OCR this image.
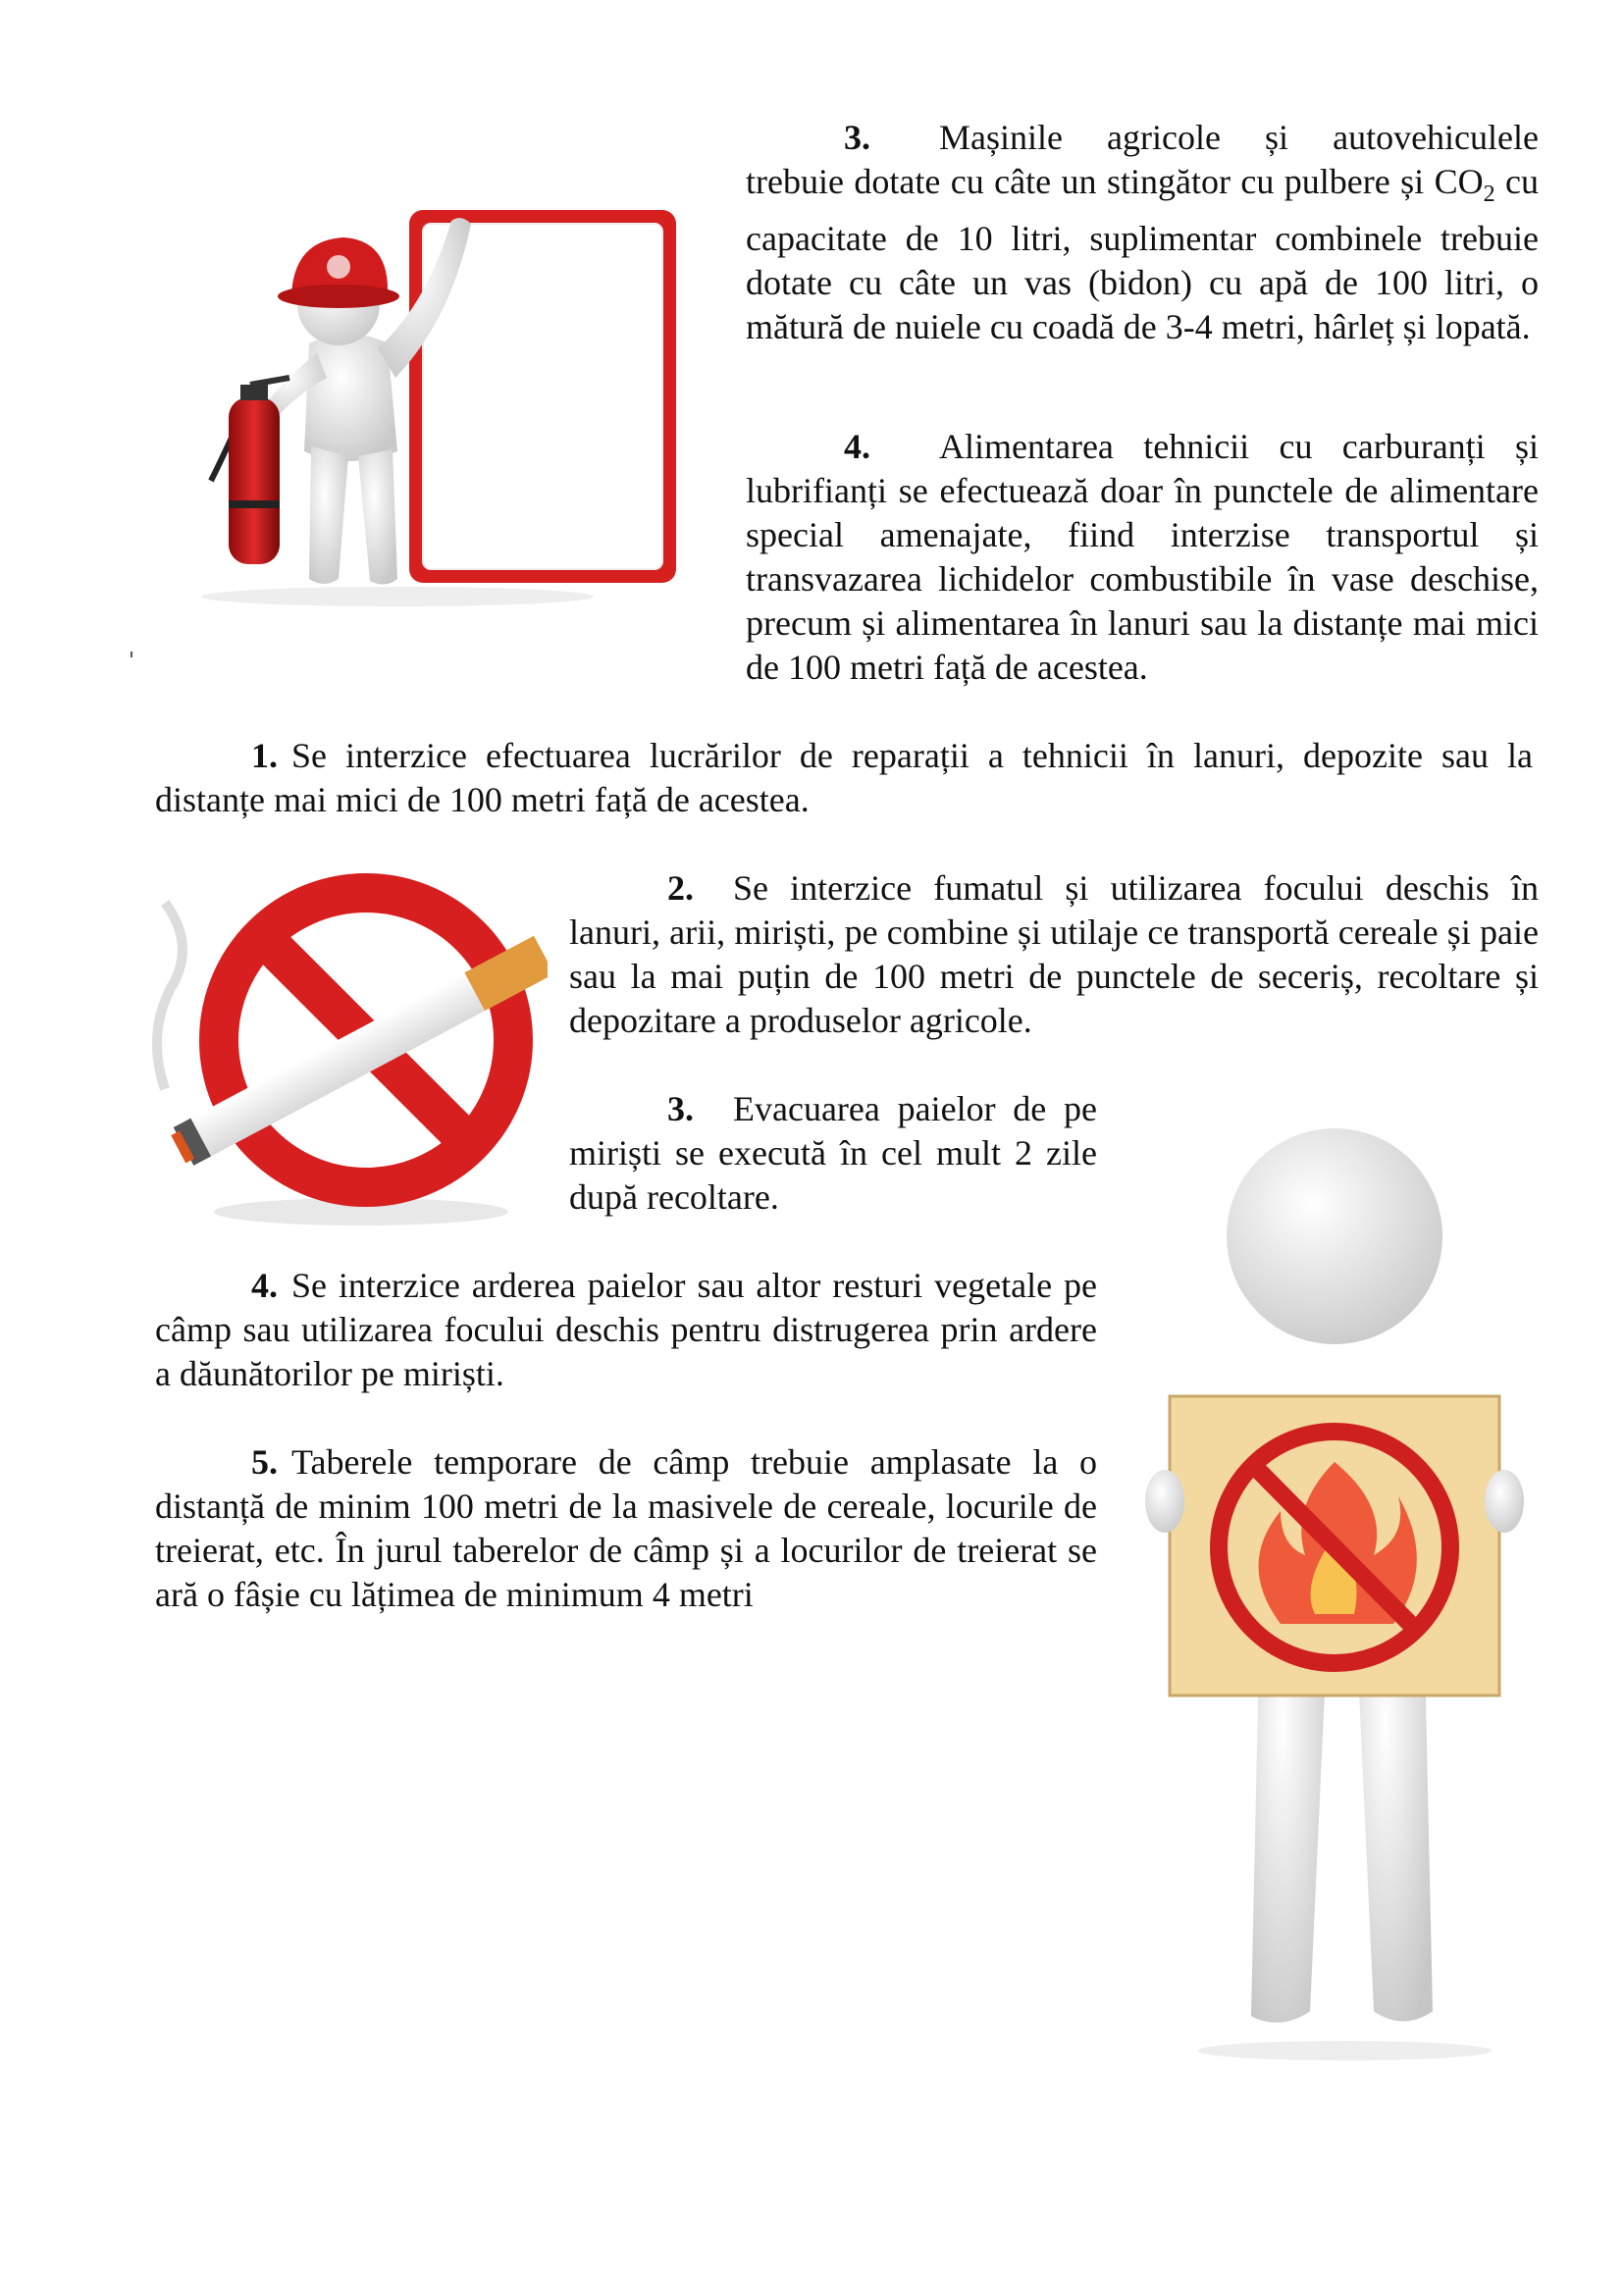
3. Mașinile agricole și autovehiculele trebuie dotate cu câte un stingător cu pulbere și $CO_2$ cu capacitate de 10 litri, suplimentar combinele trebuie dotate cu câte un vas (bidon) cu apă de 100 litri, o mătură de nuiele cu coadă de 3-4 metri, hârleț și lopată.

4. Alimentarea tehnicii cu carburanți și lubrifianți se efectuează doar în punctele de alimentare special amenajate, fiind interzise transportul și transvazarea lichidelor combustibile în vase deschise, precum și alimentarea în lanuri sau la distanțe mai mici de 100 metri față de acestea.

1. Se interzice efectuarea lucrărilor de reparații a tehnicii în lanuri, depozite sau la distanțe mai mici de 100 metri față de acestea.

2. Se interzice fumatul și utilizarea focului deschis în lanuri, arii, miriști, pe combine și utilaje ce transportă cereale și paie sau la mai puțin de 100 metri de punctele de seceriș, recoltare și depozitare a produselor agricole.

3. Evacuarea paielor de pe miriști se execută în cel mult 2 zile după recoltare.

4. Se interzice arderea paielor sau altor resturi vegetale pe câmp sau utilizarea focului deschis pentru distrugerea prin ardere a dăunătorilor pe miriști.

5. Taberele temporare de câmp trebuie amplasate la o distanță de minim 100 metri de la masivele de cereale, locurile de treierat, etc. În jurul taberelor de câmp și a locurilor de treierat se ară o fâșie cu lățimea de minimum 4 metri
